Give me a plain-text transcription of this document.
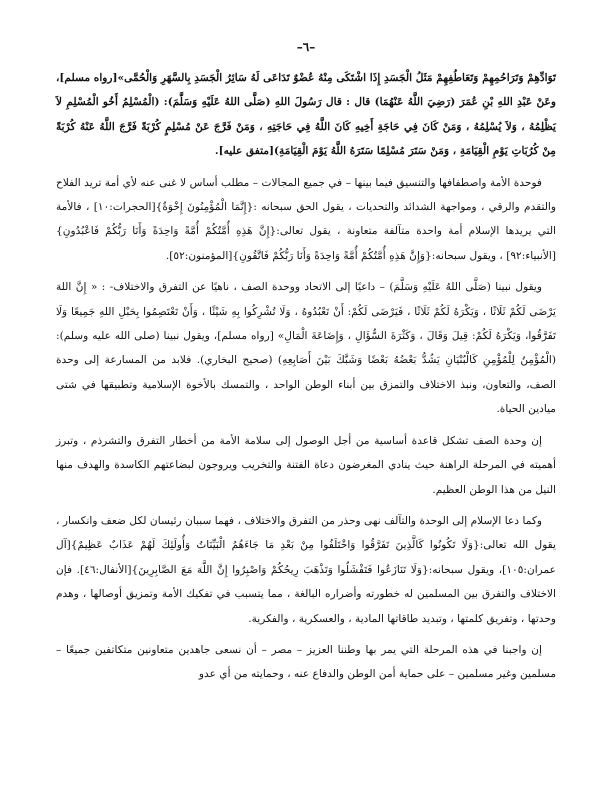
–٦–

تَوَادِّهِمْ وَتَرَاحُمِهِمْ وَتَعَاطُفِهِمْ مَثَلُ الْجَسَدِ إِذَا اشْتَكَى مِنْهُ عُضْوٌ تَدَاعَى لَهُ سَائِرُ الْجَسَدِ بِالسَّهَرِ وَالْحُمَّى»[رواه مسلم]، وعَنْ عَبْدِ اللهِ بْنِ عُمَرَ (رَضِيَ اللَّهُ عَنْهُمَا) قال : قال رَسُولَ اللهِ (صَلَّى اللهُ عَلَيْهِ وَسَلَّمَ): (الْمُسْلِمُ أَخُو الْمُسْلِمِ لاَ يَظْلِمُهُ ، وَلاَ يُسْلِمُهُ ، وَمَنْ كَانَ فِي حَاجَةِ أَخِيهِ كَانَ اللَّهُ فِي حَاجَتِهِ ، وَمَنْ فَرَّجَ عَنْ مُسْلِمٍ كُرْبَةً فَرَّجَ اللَّهُ عَنْهُ كُرْبَةً مِنْ كُرُبَاتِ يَوْمِ الْقِيَامَةِ ، وَمَنْ سَتَرَ مُسْلِمًا سَتَرَهُ اللَّهُ يَوْمَ الْقِيَامَةِ)[متفق عليه].

فوحدة الأمة واصطفافها والتنسيق فيما بينها – في جميع المجالات – مطلب أساس لا غنى عنه لأي أمة تريد الفلاح والتقدم والرقي ، ومواجهة الشدائد والتحديات ، يقول الحق سبحانه :{إِنَّمَا الْمُؤْمِنُونَ إِخْوَةٌ}[الحجرات:١٠] ، فالأمة التي يريدها الإسلام أمة واحدة متآلفة متعاونة ، يقول تعالى:{إِنَّ هَذِهِ أُمَّتُكُمْ أُمَّةً وَاحِدَةً وَأَنَا رَبُّكُمْ فَاعْبُدُونِ}[الأنبياء:٩٢] ، ويقول سبحانه:{وَإِنَّ هَذِهِ أُمَّتُكُمْ أُمَّةً وَاحِدَةً وَأَنَا رَبُّكُمْ فَاتَّقُونِ}[المؤمنون:٥٢].

ويقول نبينا (صَلَّى اللهُ عَلَيْهِ وَسَلَّمَ) – داعيًا إلى الاتحاد ووحدة الصف ، ناهيًا عن التفرق والاختلاف- : « إِنَّ اللهَ يَرْضَى لَكُمْ ثَلَاثًا ، وَيَكْرَهُ لَكُمْ ثَلَاثًا ، فَيَرْضَى لَكُمْ: أَنْ تَعْبُدُوهُ ، وَلَا تُشْرِكُوا بِهِ شَيْئًا ، وَأَنْ تَعْتَصِمُوا بِحَبْلِ اللهِ جَمِيعًا وَلَا تَفَرَّقُوا، وَيَكْرَهُ لَكُمْ: قِيلَ وَقَالَ ، وَكَثْرَةَ السُّؤَالِ ، وَإِضَاعَةَ الْمَالِ» [رواه مسلم]، ويقول نبينا (صلى الله عليه وسلم): (الْمُؤْمِنُ لِلْمُؤْمِنِ كَالْبُنْيَانِ يَشُدُّ بَعْضُهُ بَعْضًا وَشَبَّكَ بَيْنَ أَصَابِعِهِ) (صحيح البخاري). فلابد من المسارعة إلى وحدة الصف، والتعاون، ونبذ الاختلاف والتمزق بين أبناء الوطن الواحد ، والتمسك بالأخوة الإسلامية وتطبيقها في شتى ميادين الحياة.

إن وحدة الصف تشكل قاعدة أساسية من أجل الوصول إلى سلامة الأمة من أخطار التفرق والتشرذم ، وتبرز أهميته في المرحلة الراهنة حيث ينادي المغرضون دعاة الفتنة والتخريب ويروجون لبضاعتهم الكاسدة والهدف منها النيل من هذا الوطن العظيم.

وكما دعا الإسلام إلى الوحدة والتآلف نهى وحذر من التفرق والاختلاف ، فهما سببان رئيسان لكل ضعف وانكسار ، يقول الله تعالى:{وَلَا تَكُونُوا كَالَّذِينَ تَفَرَّقُوا وَاخْتَلَفُوا مِنْ بَعْدِ مَا جَاءَهُمُ الْبَيِّنَاتُ وَأُولَئِكَ لَهُمْ عَذَابٌ عَظِيمٌ}[آل عمران:١٠٥]، ويقول سبحانه:{وَلَا تَنَازَعُوا فَتَفْشَلُوا وَتَذْهَبَ رِيحُكُمْ وَاصْبِرُوا إِنَّ اللَّهَ مَعَ الصَّابِرِينَ}[الأنفال:٤٦]. فإن الاختلاف والتفرق بين المسلمين له خطورته وأضراره البالغة ، مما يتسبب في تفكيك الأمة وتمزيق أوصالها ، وهدم وحدتها ، وتفريق كلمتها ، وتبديد طاقاتها المادية ، والعسكرية ، والفكرية.

إن واجبنا في هذه المرحلة التي يمر بها وطننا العزيز – مصر – أن نسعى جاهدين متعاونين متكاتفين جميعًا – مسلمين وغير مسلمين – على حماية أمن الوطن والدفاع عنه ، وحمايته من أي عدو
